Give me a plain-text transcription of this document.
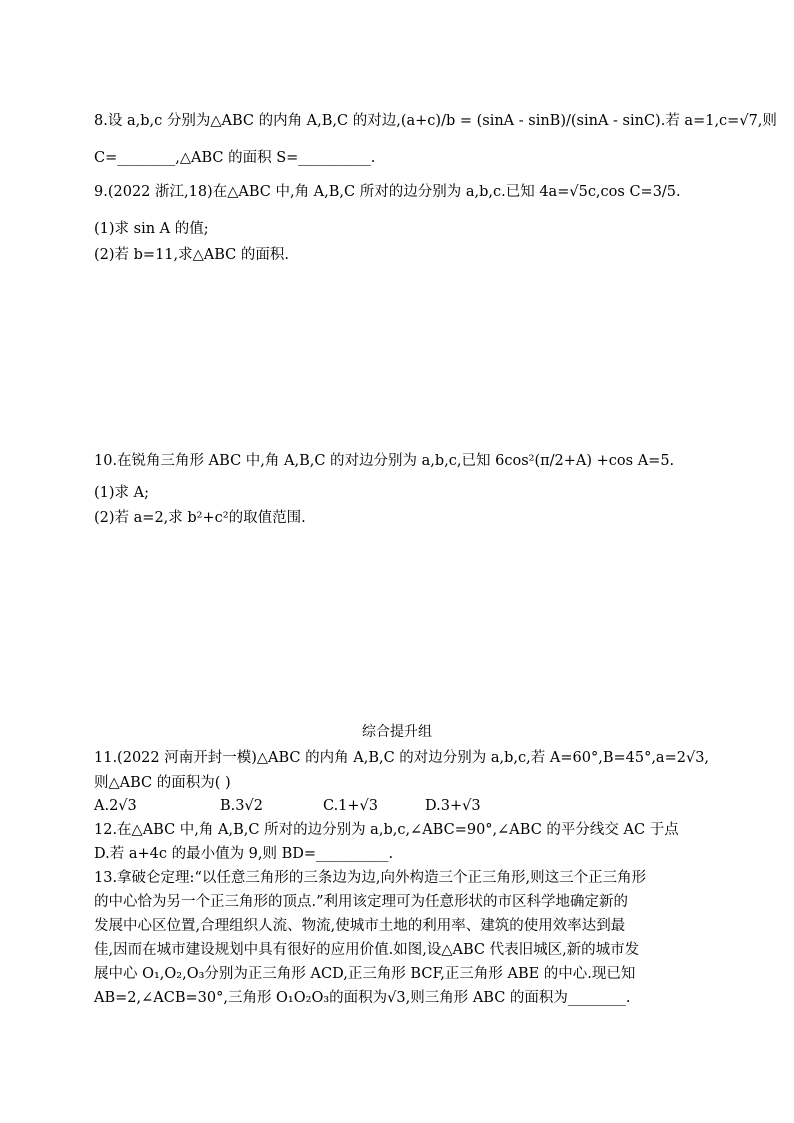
8.设 a,b,c 分别为△ABC 的内角 A,B,C 的对边,(a+c)/b = (sinA - sinB)/(sinA - sinC).若 a=1,c=√7,则
C=________,△ABC 的面积 S=__________.
9.(2022 浙江,18)在△ABC 中,角 A,B,C 所对的边分别为 a,b,c.已知 4a=√5c,cos C=3/5.
(1)求 sin A 的值;
(2)若 b=11,求△ABC 的面积.
10.在锐角三角形 ABC 中,角 A,B,C 的对边分别为 a,b,c,已知 6cos²(π/2+A) +cos A=5.
(1)求 A;
(2)若 a=2,求 b²+c²的取值范围.
综合提升组
11.(2022 河南开封一模)△ABC 的内角 A,B,C 的对边分别为 a,b,c,若 A=60°,B=45°,a=2√3,
则△ABC 的面积为( )
A.2√3	B.3√2	C.1+√3	D.3+√3
12.在△ABC 中,角 A,B,C 所对的边分别为 a,b,c,∠ABC=90°,∠ABC 的平分线交 AC 于点
D.若 a+4c 的最小值为 9,则 BD=__________.
13.拿破仑定理:“以任意三角形的三条边为边,向外构造三个正三角形,则这三个正三角形
的中心恰为另一个正三角形的顶点.”利用该定理可为任意形状的市区科学地确定新的
发展中心区位置,合理组织人流、物流,使城市土地的利用率、建筑的使用效率达到最
佳,因而在城市建设规划中具有很好的应用价值.如图,设△ABC 代表旧城区,新的城市发
展中心 O₁,O₂,O₃分别为正三角形 ACD,正三角形 BCF,正三角形 ABE 的中心.现已知
AB=2,∠ACB=30°,三角形 O₁O₂O₃的面积为√3,则三角形 ABC 的面积为________.
